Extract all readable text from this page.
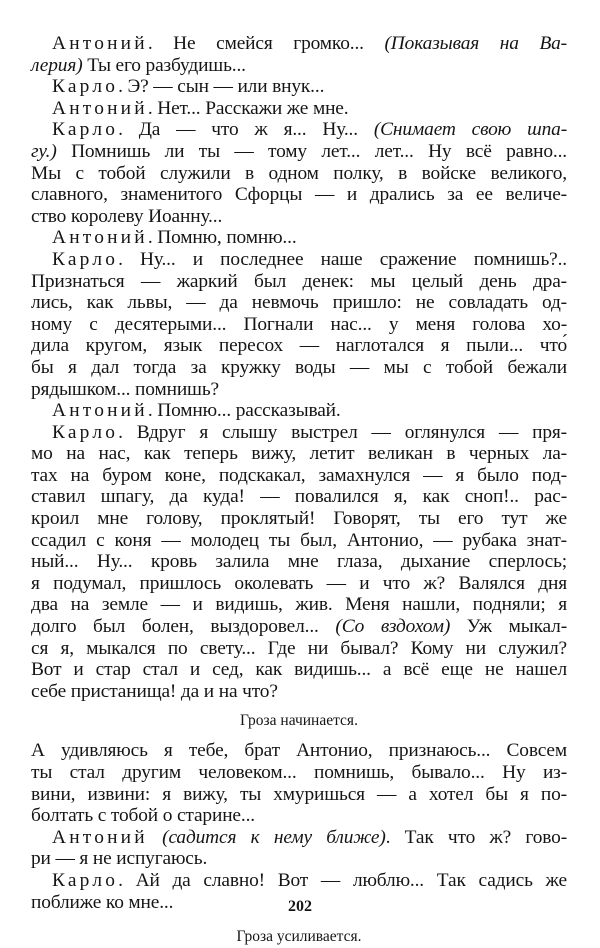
Антоний. Не смейся громко... (Показывая на Ва-
лерия) Ты его разбудишь...
Карло. Э? — сын — или внук...
Антоний. Нет... Расскажи же мне.
Карло. Да — что ж я... Ну... (Снимает свою шпа-
гу.) Помнишь ли ты — тому лет... лет... Ну всё равно...
Мы с тобой служили в одном полку, в войске великого,
славного, знаменитого Сфорцы — и дрались за ее величе-
ство королеву Иоанну...
Антоний. Помню, помню...
Карло. Ну... и последнее наше сражение помнишь?..
Признаться — жаркий был денек: мы целый день дра-
лись, как львы, — да невмочь пришло: не совладать од-
ному с десятерыми... Погнали нас... у меня голова хо-
дила кругом, язык пересох — наглотался я пыли... что́
бы я дал тогда за кружку воды — мы с тобой бежали
рядышком... помнишь?
Антоний. Помню... рассказывай.
Карло. Вдруг я слышу выстрел — оглянулся — пря-
мо на нас, как теперь вижу, летит великан в черных ла-
тах на буром коне, подскакал, замахнулся — я было под-
ставил шпагу, да куда! — повалился я, как сноп!.. рас-
кроил мне голову, проклятый! Говорят, ты его тут же
ссадил с коня — молодец ты был, Антонио, — рубака знат-
ный... Ну... кровь залила мне глаза, дыхание сперлось;
я подумал, пришлось околевать — и что ж? Валялся дня
два на земле — и видишь, жив. Меня нашли, подняли; я
долго был болен, выздоровел... (Со вздохом) Уж мыкал-
ся я, мыкался по свету... Где ни бывал? Кому ни служил?
Вот и стар стал и сед, как видишь... а всё еще не нашел
себе пристанища! да и на что?
Гроза начинается.
А удивляюсь я тебе, брат Антонио, признаюсь... Совсем
ты стал другим человеком... помнишь, бывало... Ну из-
вини, извини: я вижу, ты хмуришься — а хотел бы я по-
болтать с тобой о старине...
Антоний (садится к нему ближе). Так что ж? гово-
ри — я не испугаюсь.
Карло. Ай да славно! Вот — люблю... Так садись же
поближе ко мне...
Гроза усиливается.
202
